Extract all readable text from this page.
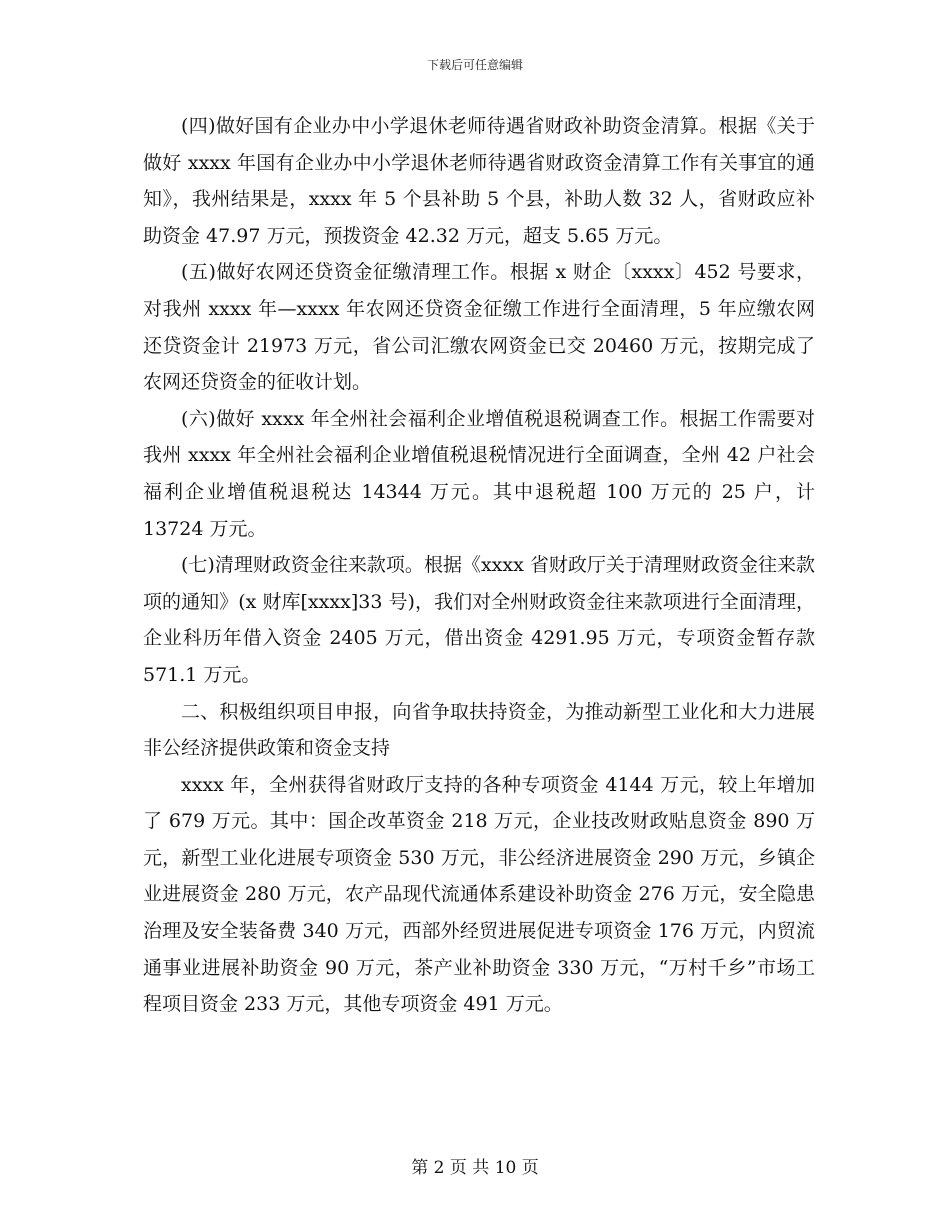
下载后可任意编辑

(四)做好国有企业办中小学退休老师待遇省财政补助资金清算。根据《关于做好 xxxx 年国有企业办中小学退休老师待遇省财政资金清算工作有关事宜的通知》，我州结果是，xxxx 年 5 个县补助 5 个县，补助人数 32 人，省财政应补助资金 47.97 万元，预拨资金 42.32 万元，超支 5.65 万元。

(五)做好农网还贷资金征缴清理工作。根据 x 财企〔xxxx〕452 号要求，对我州 xxxx 年—xxxx 年农网还贷资金征缴工作进行全面清理，5 年应缴农网还贷资金计 21973 万元，省公司汇缴农网资金已交 20460 万元，按期完成了农网还贷资金的征收计划。

(六)做好 xxxx 年全州社会福利企业增值税退税调查工作。根据工作需要对我州 xxxx 年全州社会福利企业增值税退税情况进行全面调查，全州 42 户社会福利企业增值税退税达 14344 万元。其中退税超 100 万元的 25 户，计 13724 万元。

(七)清理财政资金往来款项。根据《xxxx 省财政厅关于清理财政资金往来款项的通知》(x 财库[xxxx]33 号)，我们对全州财政资金往来款项进行全面清理，企业科历年借入资金 2405 万元，借出资金 4291.95 万元，专项资金暂存款 571.1 万元。

二、积极组织项目申报，向省争取扶持资金，为推动新型工业化和大力进展非公经济提供政策和资金支持

xxxx 年，全州获得省财政厅支持的各种专项资金 4144 万元，较上年增加了 679 万元。其中：国企改革资金 218 万元，企业技改财政贴息资金 890 万元，新型工业化进展专项资金 530 万元，非公经济进展资金 290 万元，乡镇企业进展资金 280 万元，农产品现代流通体系建设补助资金 276 万元，安全隐患治理及安全装备费 340 万元，西部外经贸进展促进专项资金 176 万元，内贸流通事业进展补助资金 90 万元，茶产业补助资金 330 万元，“万村千乡”市场工程项目资金 233 万元，其他专项资金 491 万元。

第 2 页 共 10 页
